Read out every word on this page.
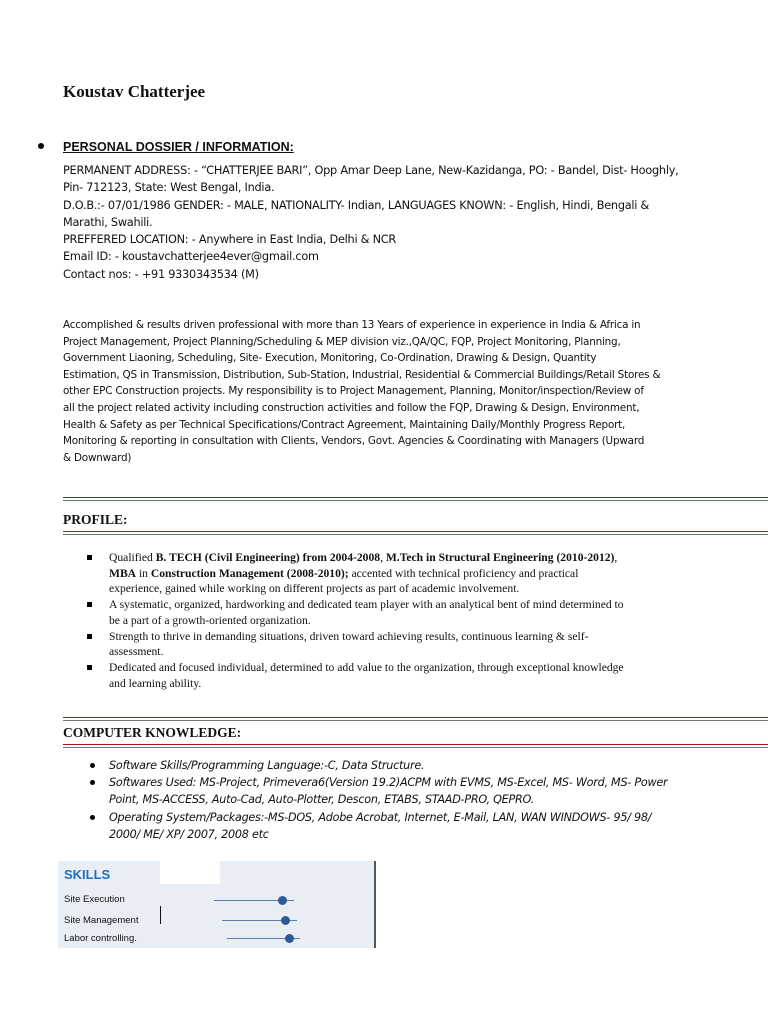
Koustav Chatterjee
PERSONAL DOSSIER / INFORMATION:
PERMANENT ADDRESS: - “CHATTERJEE BARI”, Opp Amar Deep Lane, New-Kazidanga, PO: - Bandel, Dist- Hooghly,
Pin- 712123, State: West Bengal, India.
D.O.B.:- 07/01/1986 GENDER: - MALE, NATIONALITY- Indian, LANGUAGES KNOWN: - English, Hindi, Bengali &
Marathi, Swahili.
PREFFERED LOCATION: - Anywhere in East India, Delhi & NCR
Email ID: - koustavchatterjee4ever@gmail.com
Contact nos: - +91 9330343534 (M)
Accomplished & results driven professional with more than 13 Years of experience in experience in India & Africa in
Project Management, Project Planning/Scheduling & MEP division viz.,QA/QC, FQP, Project Monitoring, Planning,
Government Liaoning, Scheduling, Site- Execution, Monitoring, Co-Ordination, Drawing & Design, Quantity
Estimation, QS in Transmission, Distribution, Sub-Station, Industrial, Residential & Commercial Buildings/Retail Stores &
other EPC Construction projects. My responsibility is to Project Management, Planning, Monitor/inspection/Review of
all the project related activity including construction activities and follow the FQP, Drawing & Design, Environment,
Health & Safety as per Technical Specifications/Contract Agreement, Maintaining Daily/Monthly Progress Report,
Monitoring & reporting in consultation with Clients, Vendors, Govt. Agencies & Coordinating with Managers (Upward
& Downward)
PROFILE:
Qualified B. TECH (Civil Engineering) from 2004-2008, M.Tech in Structural Engineering (2010-2012),
MBA in Construction Management (2008-2010); accented with technical proficiency and practical
experience, gained while working on different projects as part of academic involvement.
A systematic, organized, hardworking and dedicated team player with an analytical bent of mind determined to
be a part of a growth-oriented organization.
Strength to thrive in demanding situations, driven toward achieving results, continuous learning & self-
assessment.
Dedicated and focused individual, determined to add value to the organization, through exceptional knowledge
and learning ability.
COMPUTER KNOWLEDGE:
Software Skills/Programming Language:-C, Data Structure.
Softwares Used: MS-Project, Primevera6(Version 19.2)ACPM with EVMS, MS-Excel, MS- Word, MS- Power
Point, MS-ACCESS, Auto-Cad, Auto-Plotter, Descon, ETABS, STAAD-PRO, QEPRO.
Operating System/Packages:-MS-DOS, Adobe Acrobat, Internet, E-Mail, LAN, WAN WINDOWS- 95/ 98/
2000/ ME/ XP/ 2007, 2008 etc
SKILLS
Site Execution
Site Management
Labor controlling.
